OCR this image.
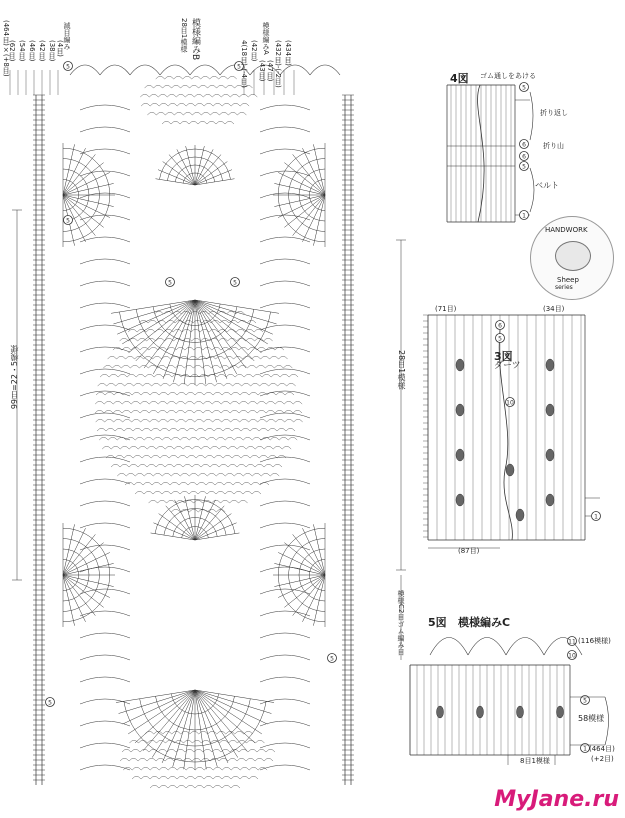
5	5
5
5	5
5
5
5
6
6
5
1
6
5
10
1
11
10
5
1
模様編みB
28目1模様
減目編み	模様編みA
(62目) (54目) (46目) (42目) (38目) (4目)
(464目)×(+8目)	4(18目)-(-4目) (42目)
(43目) (47目) (432目)-(-2目) (434目)
99目=22・5模様	28目1模様
模様C2目ゴム編み目
4図 ゴム通しをあける
折り返し
折り山
ベルト
(71目)	(34目)
3図
ダーツ
(87目)
5図 模様編みC
(116模様)
58模様
(464目)
(+2目)
8目1模様
HANDWORK
Sheep
series
MyJane.ru
